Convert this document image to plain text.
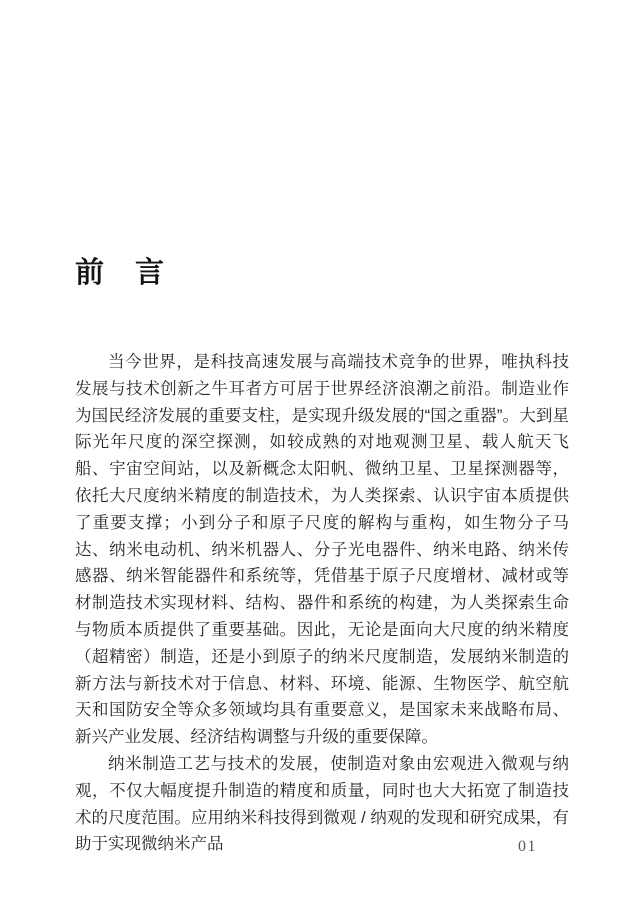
前　言

当今世界，是科技高速发展与高端技术竞争的世界，唯执科技发展与技术创新之牛耳者方可居于世界经济浪潮之前沿。制造业作为国民经济发展的重要支柱，是实现升级发展的“国之重器”。大到星际光年尺度的深空探测，如较成熟的对地观测卫星、载人航天飞船、宇宙空间站，以及新概念太阳帆、微纳卫星、卫星探测器等，依托大尺度纳米精度的制造技术，为人类探索、认识宇宙本质提供了重要支撑；小到分子和原子尺度的解构与重构，如生物分子马达、纳米电动机、纳米机器人、分子光电器件、纳米电路、纳米传感器、纳米智能器件和系统等，凭借基于原子尺度增材、减材或等材制造技术实现材料、结构、器件和系统的构建，为人类探索生命与物质本质提供了重要基础。因此，无论是面向大尺度的纳米精度（超精密）制造，还是小到原子的纳米尺度制造，发展纳米制造的新方法与新技术对于信息、材料、环境、能源、生物医学、航空航天和国防安全等众多领域均具有重要意义，是国家未来战略布局、新兴产业发展、经济结构调整与升级的重要保障。

纳米制造工艺与技术的发展，使制造对象由宏观进入微观与纳观，不仅大幅度提升制造的精度和质量，同时也大大拓宽了制造技术的尺度范围。应用纳米科技得到微观 / 纳观的发现和研究成果，有助于实现微纳米产品	01
